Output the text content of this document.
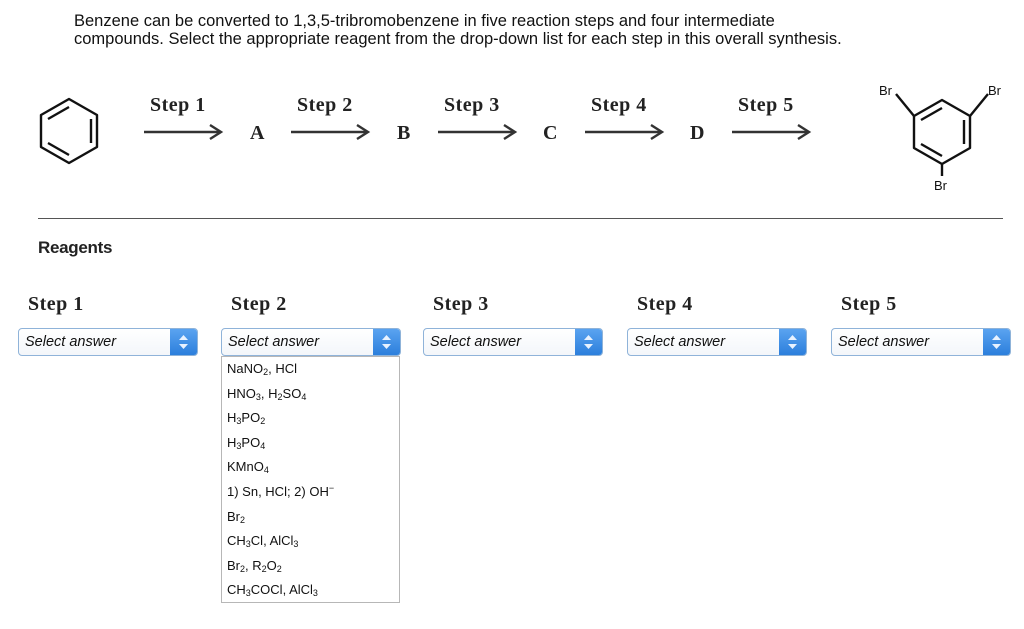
Benzene can be converted to 1,3,5-tribromobenzene in five reaction steps and four intermediate
compounds. Select the appropriate reagent from the drop-down list for each step in this overall synthesis.
Step 1	Step 2	Step 3	Step 4	Step 5
A	B	C	D
Br	Br
Br
Reagents
Step 1
Select answer
Step 2
Select answer
Step 3
Select answer
Step 4
Select answer
Step 5
Select answer
NaNO$_2$, HCl
$HNO_3$, $H_2SO_4$
$H_3PO_2$
$H_3PO_4$
KMnO$_4$
1) Sn, HCl; 2) OH−
$Br_2$
$CH_3Cl$, AlCl$_3$
$Br_2$, $R_2O_2$
$CH_3COCl$, AlCl$_3$
